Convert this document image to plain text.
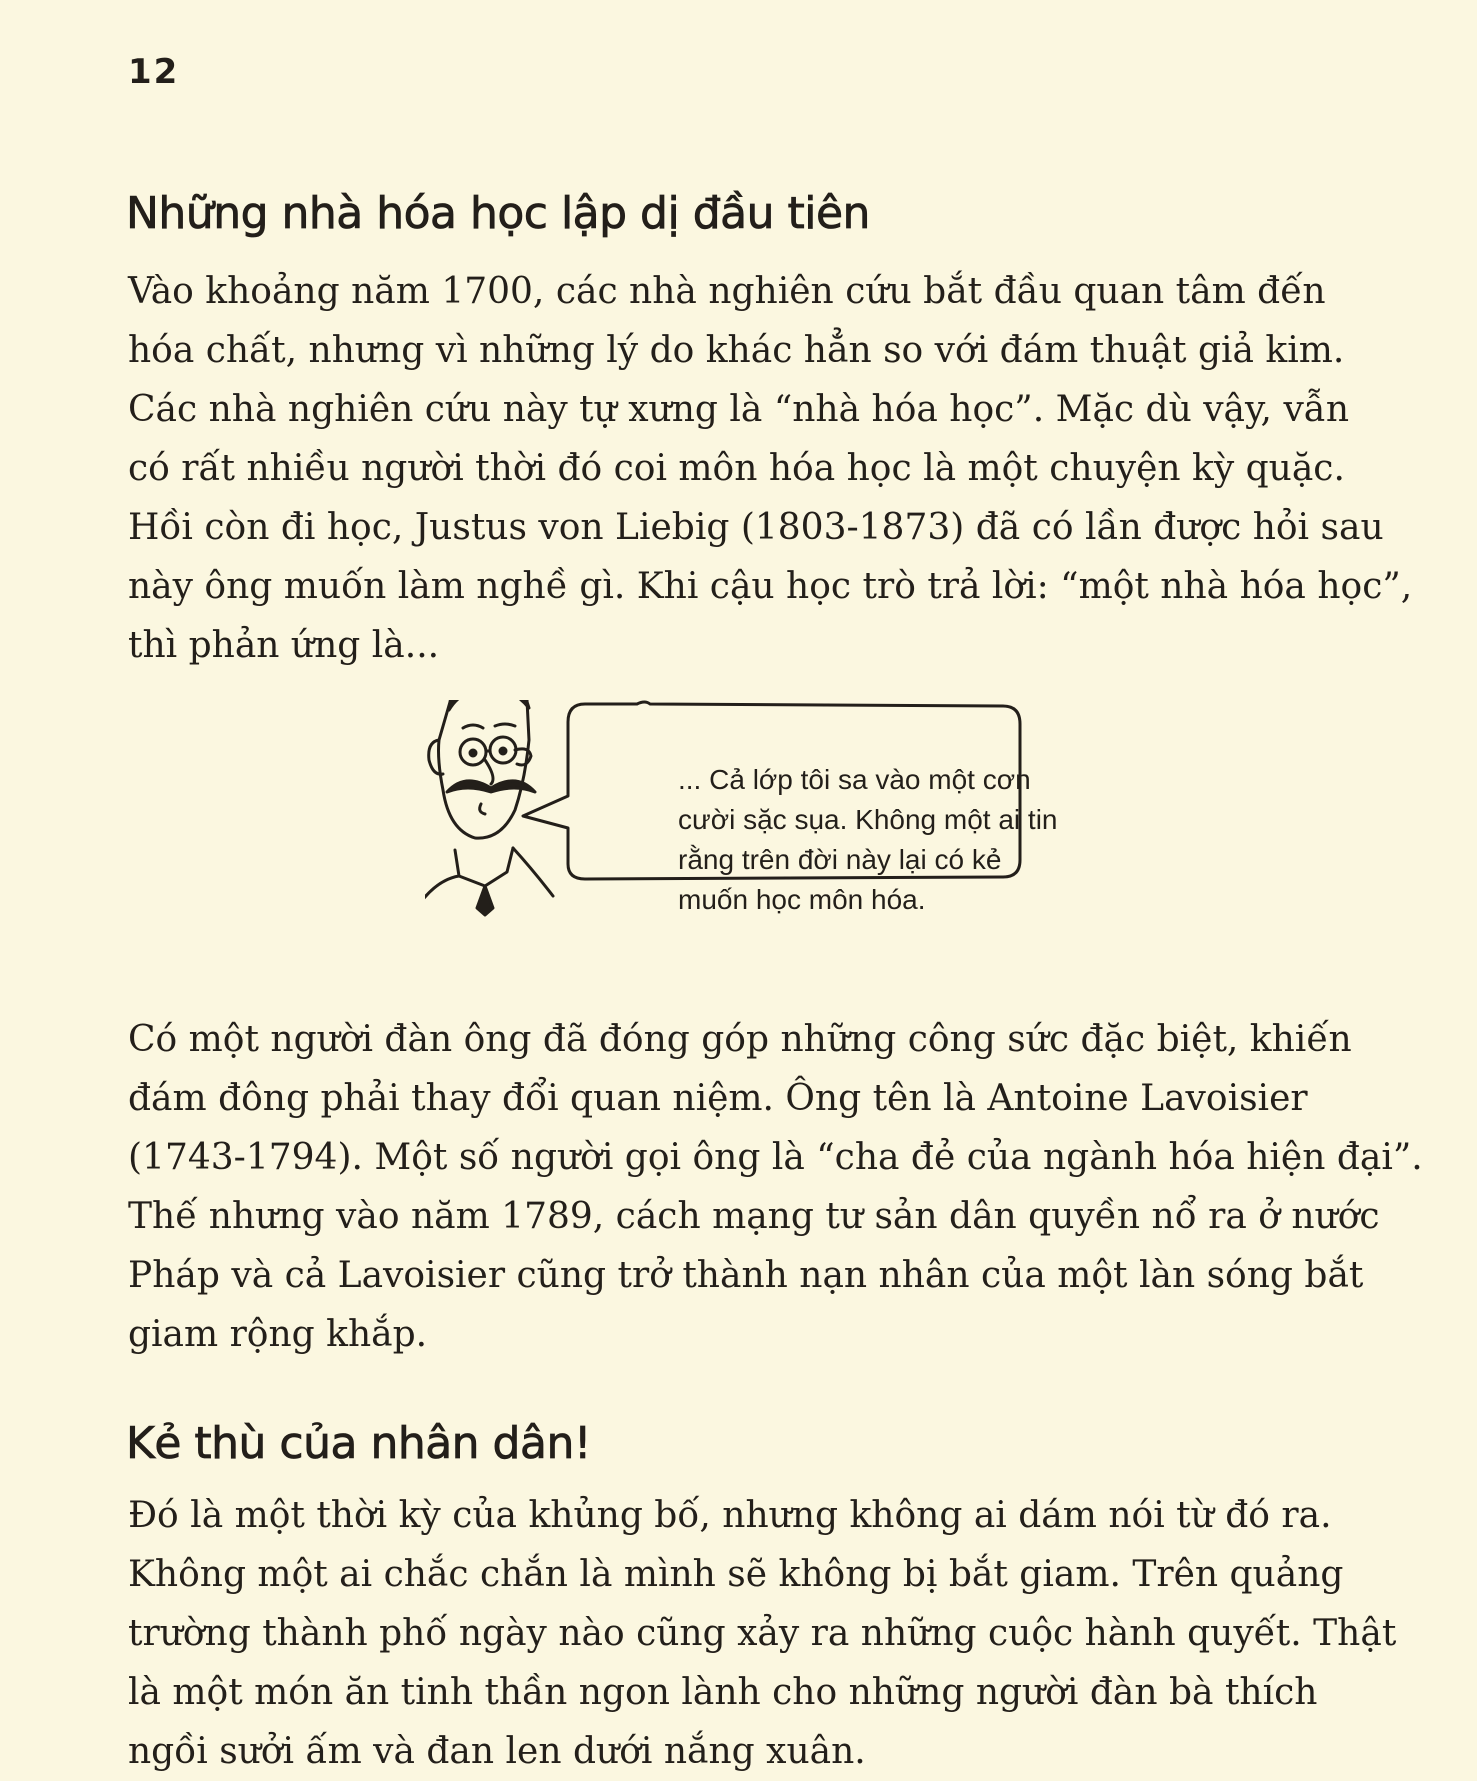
12
Những nhà hóa học lập dị đầu tiên

Vào khoảng năm 1700, các nhà nghiên cứu bắt đầu quan tâm đến
hóa chất, nhưng vì những lý do khác hẳn so với đám thuật giả kim.
Các nhà nghiên cứu này tự xưng là “nhà hóa học”. Mặc dù vậy, vẫn
có rất nhiều người thời đó coi môn hóa học là một chuyện kỳ quặc.
Hồi còn đi học, Justus von Liebig (1803-1873) đã có lần được hỏi sau
này ông muốn làm nghề gì. Khi cậu học trò trả lời: “một nhà hóa học”,
thì phản ứng là...

... Cả lớp tôi sa vào một cơn
cười sặc sụa. Không một ai tin
rằng trên đời này lại có kẻ
muốn học môn hóa.

Có một người đàn ông đã đóng góp những công sức đặc biệt, khiến
đám đông phải thay đổi quan niệm. Ông tên là Antoine Lavoisier
(1743-1794). Một số người gọi ông là “cha đẻ của ngành hóa hiện đại”.
Thế nhưng vào năm 1789, cách mạng tư sản dân quyền nổ ra ở nước
Pháp và cả Lavoisier cũng trở thành nạn nhân của một làn sóng bắt
giam rộng khắp.

Kẻ thù của nhân dân!

Đó là một thời kỳ của khủng bố, nhưng không ai dám nói từ đó ra.
Không một ai chắc chắn là mình sẽ không bị bắt giam. Trên quảng
trường thành phố ngày nào cũng xảy ra những cuộc hành quyết. Thật
là một món ăn tinh thần ngon lành cho những người đàn bà thích
ngồi sưởi ấm và đan len dưới nắng xuân.
